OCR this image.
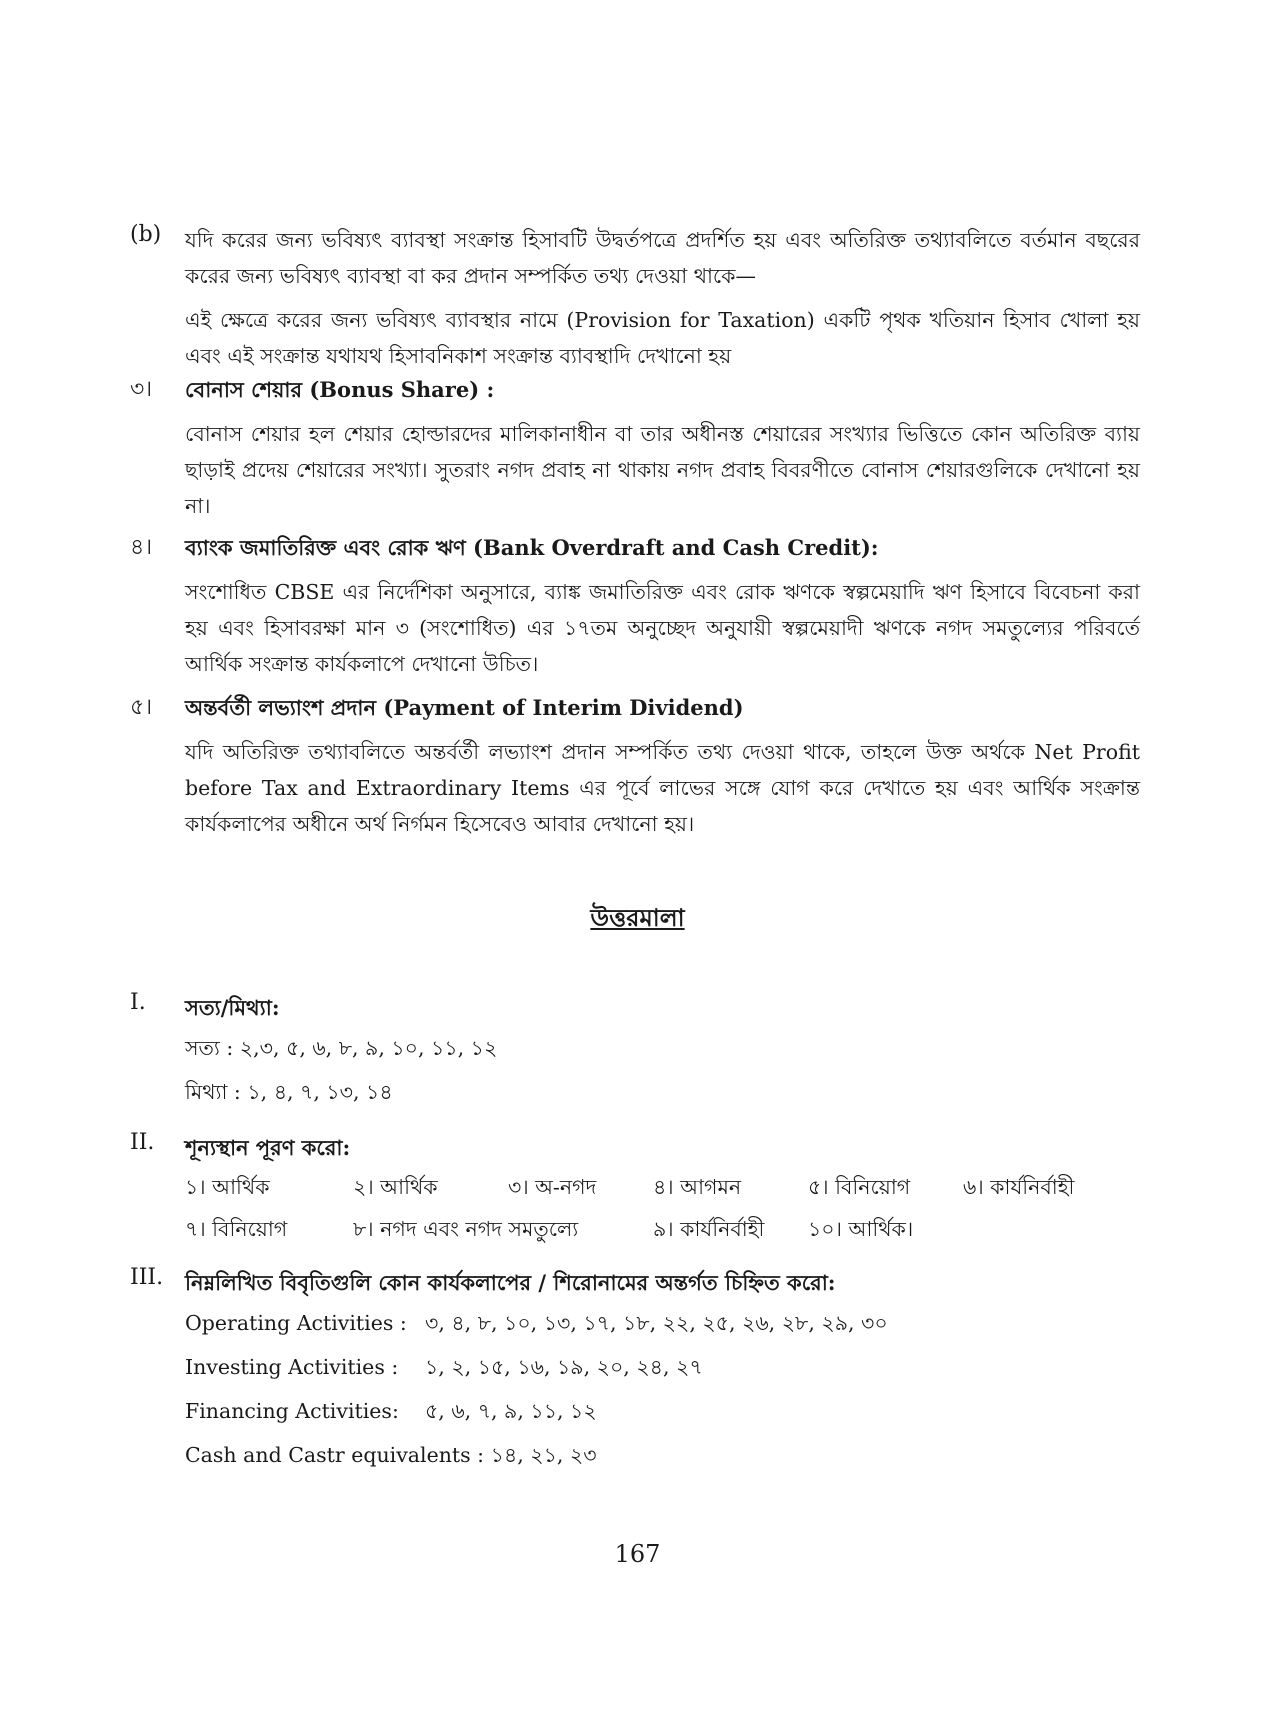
(b) যদি করের জন্য ভবিষ্যৎ ব্যাবস্থা সংক্রান্ত হিসাবটি উদ্বর্তপত্রে প্রদর্শিত হয় এবং অতিরিক্ত তথ্যাবলিতে বর্তমান বছরের করের জন্য ভবিষ্যৎ ব্যাবস্থা বা কর প্রদান সম্পর্কিত তথ্য দেওয়া থাকে—

এই ক্ষেত্রে করের জন্য ভবিষ্যৎ ব্যাবস্থার নামে (Provision for Taxation) একটি পৃথক খতিয়ান হিসাব খোলা হয় এবং এই সংক্রান্ত যথাযথ হিসাবনিকাশ সংক্রান্ত ব্যাবস্থাদি দেখানো হয়

৩। বোনাস শেয়ার (Bonus Share) :

বোনাস শেয়ার হল শেয়ার হোল্ডারদের মালিকানাধীন বা তার অধীনস্ত শেয়ারের সংখ্যার ভিত্তিতে কোন অতিরিক্ত ব্যায় ছাড়াই প্রদেয় শেয়ারের সংখ্যা। সুতরাং নগদ প্রবাহ না থাকায় নগদ প্রবাহ বিবরণীতে বোনাস শেয়ারগুলিকে দেখানো হয় না।

৪। ব্যাংক জমাতিরিক্ত এবং রোক ঋণ (Bank Overdraft and Cash Credit):

সংশোধিত CBSE এর নির্দেশিকা অনুসারে, ব্যাঙ্ক জমাতিরিক্ত এবং রোক ঋণকে স্বল্পমেয়াদি ঋণ হিসাবে বিবেচনা করা হয় এবং হিসাবরক্ষা মান ৩ (সংশোধিত) এর ১৭তম অনুচ্ছেদ অনুযায়ী স্বল্পমেয়াদী ঋণকে নগদ সমতুল্যের পরিবর্তে আর্থিক সংক্রান্ত কার্যকলাপে দেখানো উচিত।

৫। অন্তর্বর্তী লভ্যাংশ প্রদান (Payment of Interim Dividend)

যদি অতিরিক্ত তথ্যাবলিতে অন্তর্বর্তী লভ্যাংশ প্রদান সম্পর্কিত তথ্য দেওয়া থাকে, তাহলে উক্ত অর্থকে Net Profit before Tax and Extraordinary Items এর পূর্বে লাভের সঙ্গে যোগ করে দেখাতে হয় এবং আর্থিক সংক্রান্ত কার্যকলাপের অধীনে অর্থ নির্গমন হিসেবেও আবার দেখানো হয়।

উত্তরমালা
I. সত্য/মিথ্যা:

সত্য : ২,৩, ৫, ৬, ৮, ৯, ১০, ১১, ১২

মিথ্যা : ১, ৪, ৭, ১৩, ১৪

II. শূন্যস্থান পূরণ করো:

১। আর্থিক	২। আর্থিক	৩। অ-নগদ	৪। আগমন	৫। বিনিয়োগ	৬। কার্যনির্বাহী
৭। বিনিয়োগ	৮। নগদ এবং নগদ সমতুল্যে	৯। কার্যনির্বাহী	১০। আর্থিক।
III. নিম্নলিখিত বিবৃতিগুলি কোন কার্যকলাপের / শিরোনামের অন্তর্গত চিহ্নিত করো:

Operating Activities : ৩, ৪, ৮, ১০, ১৩, ১৭, ১৮, ২২, ২৫, ২৬, ২৮, ২৯, ৩০
Investing Activities :	১, ২, ১৫, ১৬, ১৯, ২০, ২৪, ২৭
Financing Activities:	৫, ৬, ৭, ৯, ১১, ১২

Cash and Castr equivalents : ১৪, ২১, ২৩

167
